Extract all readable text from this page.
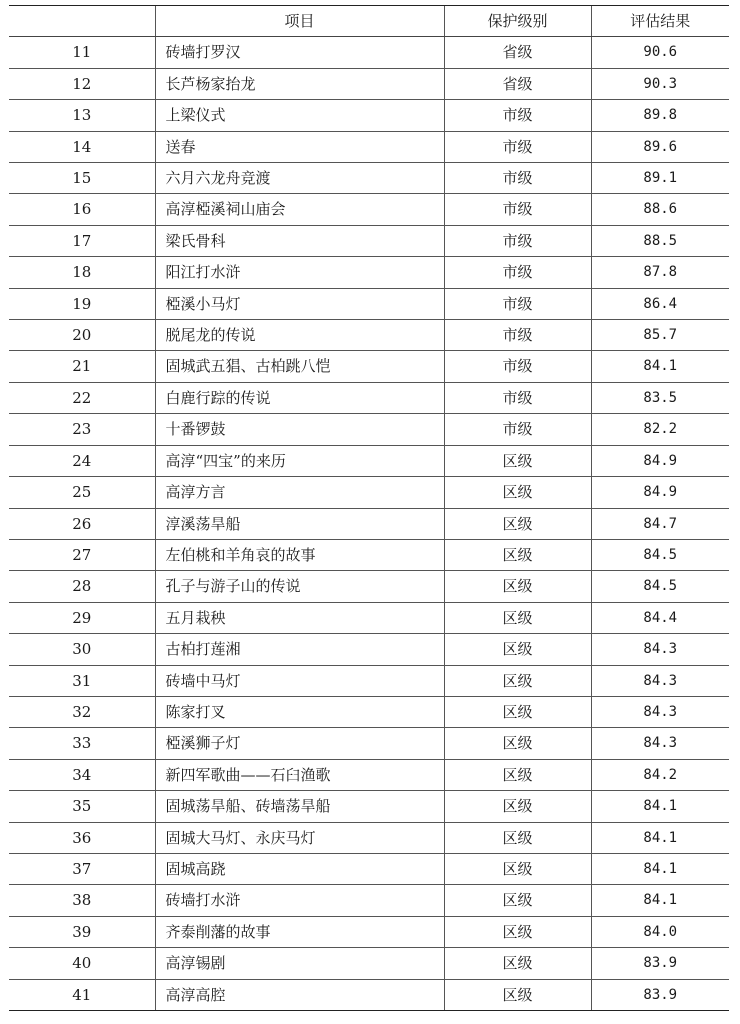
	项目	保护级别	评估结果
11	砖墙打罗汉	省级	90.6
12	长芦杨家抬龙	省级	90.3
13	上梁仪式	市级	89.8
14	送春	市级	89.6
15	六月六龙舟竞渡	市级	89.1
16	高淳椏溪祠山庙会	市级	88.6
17	梁氏骨科	市级	88.5
18	阳江打水浒	市级	87.8
19	椏溪小马灯	市级	86.4
20	脱尾龙的传说	市级	85.7
21	固城武五猖、古柏跳八恺	市级	84.1
22	白鹿行踪的传说	市级	83.5
23	十番锣鼓	市级	82.2
24	高淳“四宝”的来历	区级	84.9
25	高淳方言	区级	84.9
26	淳溪荡旱船	区级	84.7
27	左伯桃和羊角哀的故事	区级	84.5
28	孔子与游子山的传说	区级	84.5
29	五月栽秧	区级	84.4
30	古柏打莲湘	区级	84.3
31	砖墙中马灯	区级	84.3
32	陈家打叉	区级	84.3
33	椏溪狮子灯	区级	84.3
34	新四军歌曲——石臼渔歌	区级	84.2
35	固城荡旱船、砖墙荡旱船	区级	84.1
36	固城大马灯、永庆马灯	区级	84.1
37	固城高跷	区级	84.1
38	砖墙打水浒	区级	84.1
39	齐泰削藩的故事	区级	84.0
40	高淳锡剧	区级	83.9
41	高淳高腔	区级	83.9
